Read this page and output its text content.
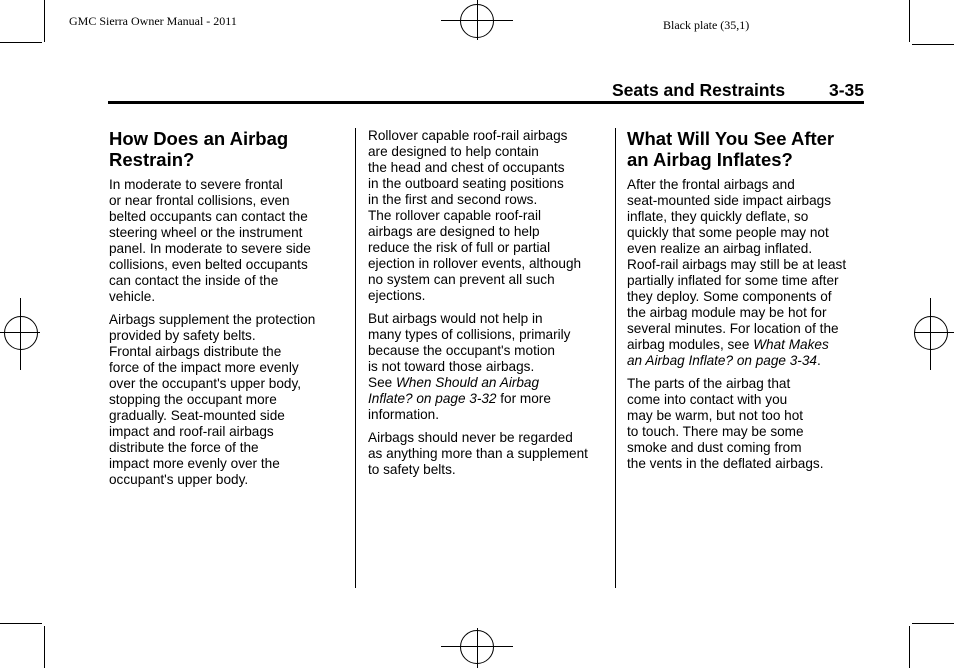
GMC Sierra Owner Manual - 2011	Black plate (35,1)
Seats and Restraints	3-35
How Does an Airbag
Restrain?
In moderate to severe frontal
or near frontal collisions, even
belted occupants can contact the
steering wheel or the instrument
panel. In moderate to severe side
collisions, even belted occupants
can contact the inside of the
vehicle.
Airbags supplement the protection
provided by safety belts.
Frontal airbags distribute the
force of the impact more evenly
over the occupant's upper body,
stopping the occupant more
gradually. Seat-mounted side
impact and roof-rail airbags
distribute the force of the
impact more evenly over the
occupant's upper body.
Rollover capable roof-rail airbags
are designed to help contain
the head and chest of occupants
in the outboard seating positions
in the first and second rows.
The rollover capable roof-rail
airbags are designed to help
reduce the risk of full or partial
ejection in rollover events, although
no system can prevent all such
ejections.
But airbags would not help in
many types of collisions, primarily
because the occupant's motion
is not toward those airbags.
See When Should an Airbag
Inflate? on page 3-32 for more
information.
Airbags should never be regarded
as anything more than a supplement
to safety belts.
What Will You See After
an Airbag Inflates?
After the frontal airbags and
seat-mounted side impact airbags
inflate, they quickly deflate, so
quickly that some people may not
even realize an airbag inflated.
Roof-rail airbags may still be at least
partially inflated for some time after
they deploy. Some components of
the airbag module may be hot for
several minutes. For location of the
airbag modules, see What Makes
an Airbag Inflate? on page 3-34.
The parts of the airbag that
come into contact with you
may be warm, but not too hot
to touch. There may be some
smoke and dust coming from
the vents in the deflated airbags.
